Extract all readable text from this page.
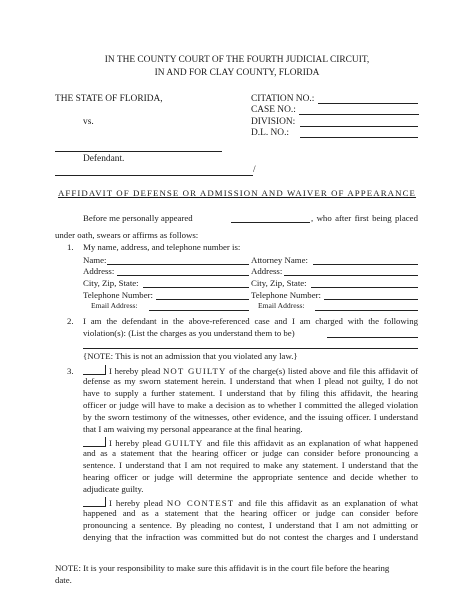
IN THE COUNTY COURT OF THE FOURTH JUDICIAL CIRCUIT,
IN AND FOR CLAY COUNTY, FLORIDA
THE STATE OF FLORIDA,
vs.
Defendant.
/
CITATION NO.:
CASE NO.:
DIVISION:
D.L. NO.:
AFFIDAVIT OF DEFENSE OR ADMISSION AND WAIVER OF APPEARANCE
Before me personally appeared	, who after first being placed
under oath, swears or affirms as follows:
1. My name, address, and telephone number is:
Name:
Address:
City, Zip, State:
Telephone Number:
Email Address:
Attorney Name:
Address:
City, Zip, State:
Telephone Number:
Email Address:
2. I am the defendant in the above-referenced case and I am charged with the following
violation(s): (List the charges as you understand them to be)
{NOTE: This is not an admission that you violated any law.}
3.	I hereby plead NOT GUILTY of the charge(s) listed above and file this affidavit of
defense as my sworn statement herein. I understand that when I plead not guilty, I do not
have to supply a further statement. I understand that by filing this affidavit, the hearing
officer or judge will have to make a decision as to whether I committed the alleged violation
by the sworn testimony of the witnesses, other evidence, and the issuing officer. I understand
that I am waiving my personal appearance at the final hearing.
I hereby plead GUILTY and file this affidavit as an explanation of what happened
and as a statement that the hearing officer or judge can consider before pronouncing a
sentence. I understand that I am not required to make any statement. I understand that the
hearing officer or judge will determine the appropriate sentence and decide whether to
adjudicate guilty.
I hereby plead NO CONTEST and file this affidavit as an explanation of what
happened and as a statement that the hearing officer or judge can consider before
pronouncing a sentence. By pleading no contest, I understand that I am not admitting or
denying that the infraction was committed but do not contest the charges and I understand
NOTE: It is your responsibility to make sure this affidavit is in the court file before the hearing
date.
